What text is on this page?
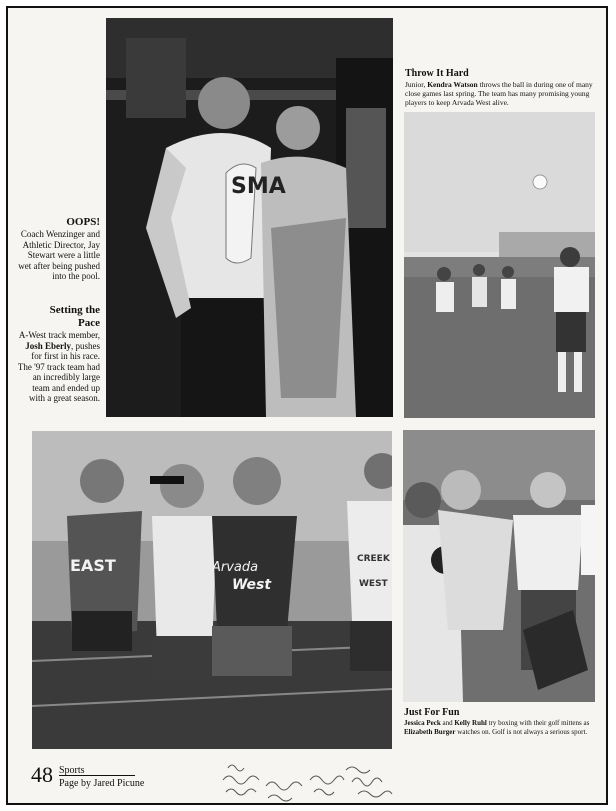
SMA
EAST	Arvada
West
CREEK
WEST
OOPS!
Coach Wenzinger and Athletic Director, Jay Stewart were a little wet after being pushed into the pool.
Setting the
Pace
A-West track member, Josh Eberly, pushes for first in his race. The '97 track team had an incredibly large team and ended up with a great season.
Throw It Hard
Junior, Kendra Watson throws the ball in during one of many close games last spring. The team has many promising young players to keep Arvada West alive.
Just For Fun
Jessica Peck and Kelly Ruhl try boxing with their golf mittens as Elizabeth Burger watches on. Golf is not always a serious sport.
48 Sports
Page by Jared Picune
